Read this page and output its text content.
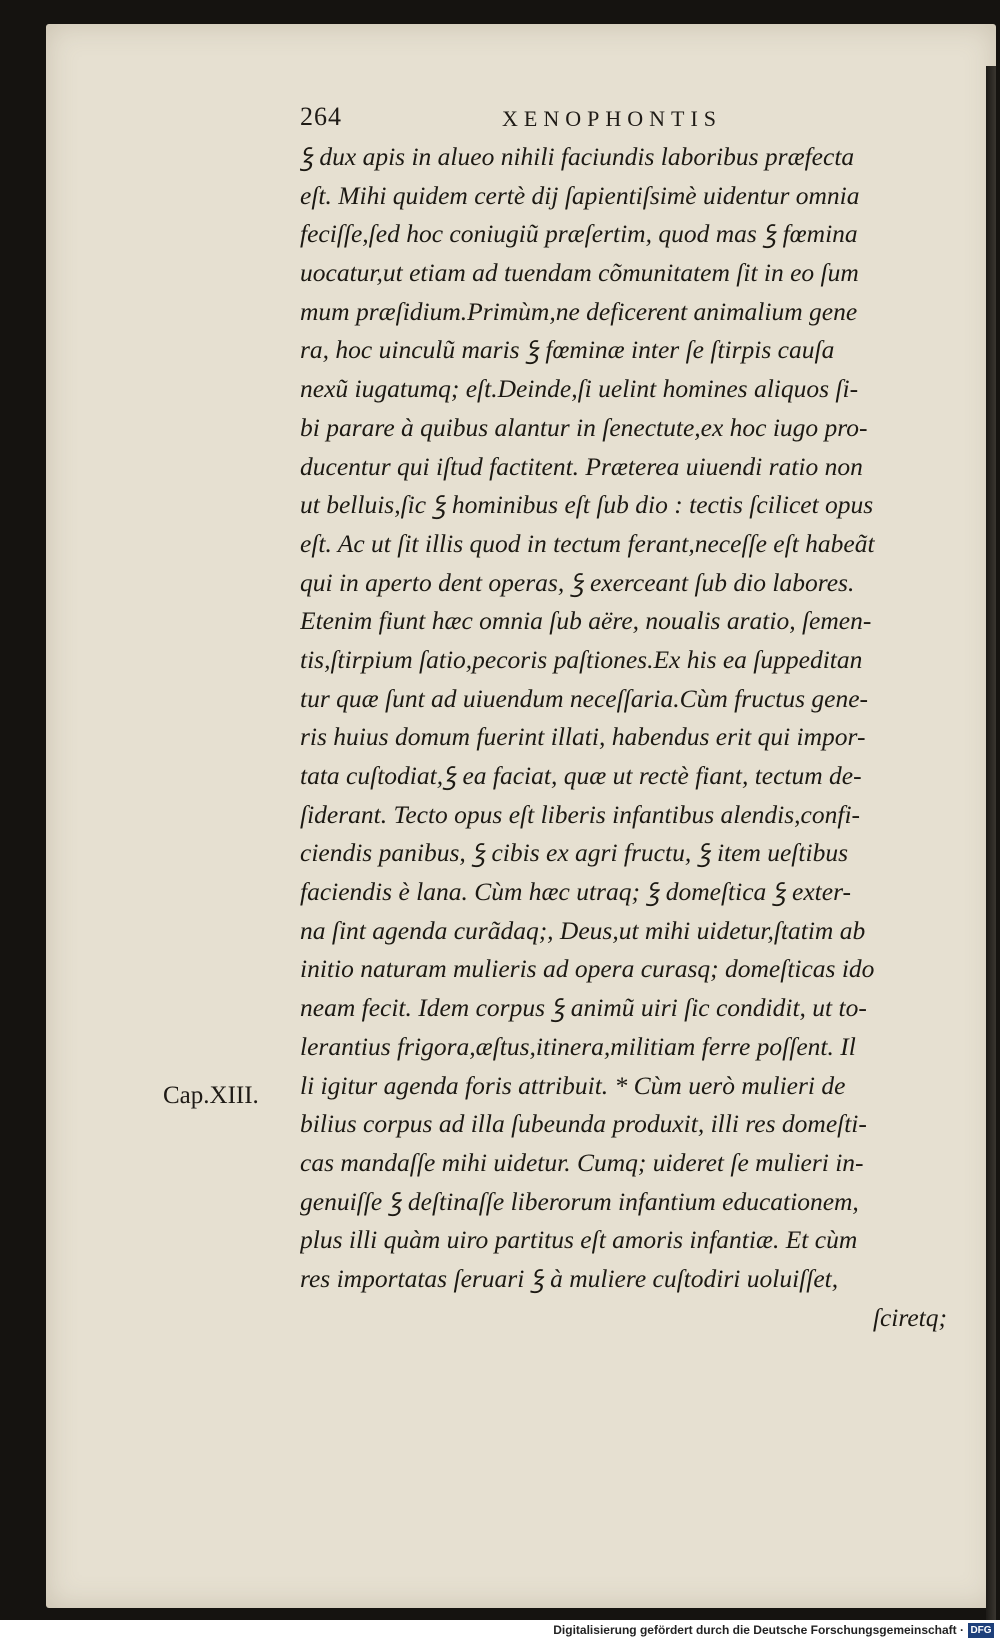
264	XENOPHONTIS
Cap.XIII.
ꝣ dux apis in alueo nihili faciundis laboribus præfecta
eſt. Mihi quidem certè dij ſapientiſsimè uidentur omnia
feciſſe,ſed hoc coniugiũ præſertim, quod mas ꝣ fœmina
uocatur,ut etiam ad tuendam cõmunitatem ſit in eo ſum
mum præſidium.Primùm,ne deficerent animalium gene
ra, hoc uinculũ maris ꝣ fœminæ inter ſe ſtirpis cauſa
nexũ iugatumq; eſt.Deinde,ſi uelint homines aliquos ſi-
bi parare à quibus alantur in ſenectute,ex hoc iugo pro-
ducentur qui iſtud factitent. Præterea uiuendi ratio non
ut belluis,ſic ꝣ hominibus eſt ſub dio : tectis ſcilicet opus
eſt. Ac ut ſit illis quod in tectum ferant,neceſſe eſt habeãt
qui in aperto dent operas, ꝣ exerceant ſub dio labores.
Etenim fiunt hæc omnia ſub aëre, noualis aratio, ſemen-
tis,ſtirpium ſatio,pecoris paſtiones.Ex his ea ſuppeditan
tur quæ ſunt ad uiuendum neceſſaria.Cùm fructus gene-
ris huius domum fuerint illati, habendus erit qui impor-
tata cuſtodiat,ꝣ ea faciat, quæ ut rectè fiant, tectum de-
ſiderant. Tecto opus eſt liberis infantibus alendis,confi-
ciendis panibus, ꝣ cibis ex agri fructu, ꝣ item ueſtibus
faciendis è lana. Cùm hæc utraq; ꝣ domeſtica ꝣ exter-
na ſint agenda curãdaq;, Deus,ut mihi uidetur,ſtatim ab
initio naturam mulieris ad opera curasq; domeſticas ido
neam fecit. Idem corpus ꝣ animũ uiri ſic condidit, ut to-
lerantius frigora,æſtus,itinera,militiam ferre poſſent. Il
li igitur agenda foris attribuit. * Cùm uerò mulieri de
bilius corpus ad illa ſubeunda produxit, illi res domeſti-
cas mandaſſe mihi uidetur. Cumq; uideret ſe mulieri in-
genuiſſe ꝣ deſtinaſſe liberorum infantium educationem,
plus illi quàm uiro partitus eſt amoris infantiæ. Et cùm
res importatas ſeruari ꝣ à muliere cuſtodiri uoluiſſet,
ſciretq;
Digitalisierung gefördert durch die Deutsche Forschungsgemeinschaft · DFG
